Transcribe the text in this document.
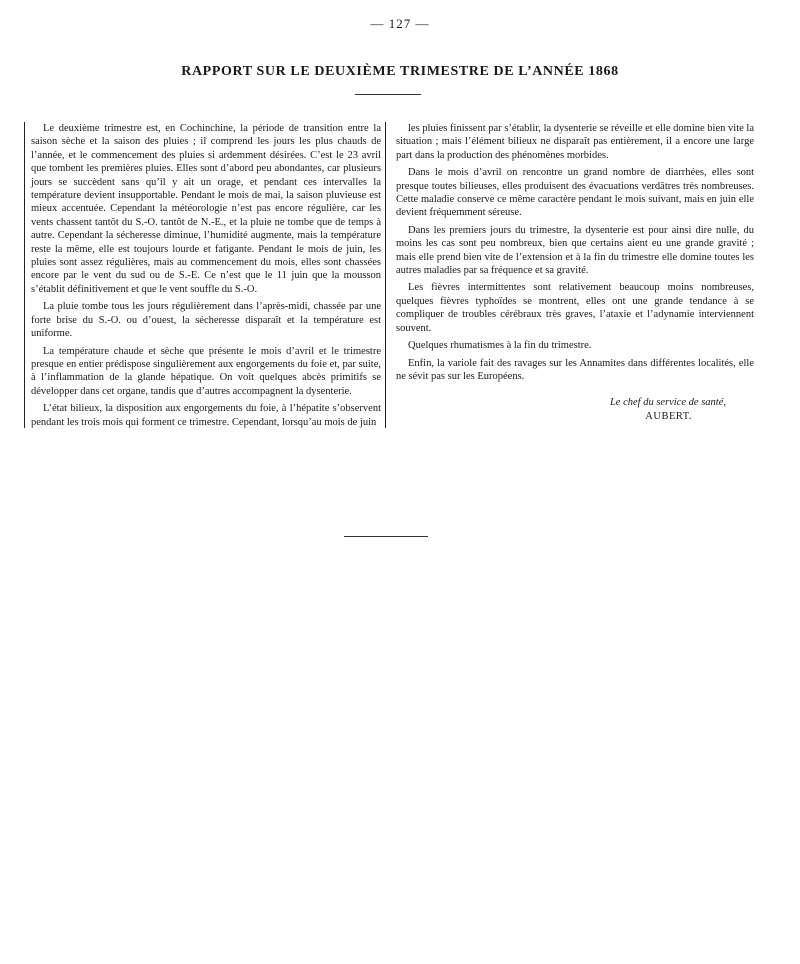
— 127 —
RAPPORT SUR LE DEUXIÈME TRIMESTRE DE L’ANNÉE 1868

Le deuxième trimestre est, en Cochinchine, la période de transition entre la saison sèche et la saison des pluies ; il comprend les jours les plus chauds de l’année, et le commencement des pluies si ardemment désirées. C’est le 23 avril que tombent les premières pluies. Elles sont d’abord peu abondantes, car plusieurs jours se succèdent sans qu’il y ait un orage, et pendant ces intervalles la température devient insupportable. Pendant le mois de mai, la saison pluvieuse est mieux accentuée. Cependant la météorologie n’est pas encore régulière, car les vents chassent tantôt du S.-O. tantôt de N.-E., et la pluie ne tombe que de temps à autre. Cependant la sécheresse diminue, l’humidité augmente, mais la température reste la même, elle est toujours lourde et fatigante. Pendant le mois de juin, les pluies sont assez régulières, mais au commencement du mois, elles sont chassées encore par le vent du sud ou de S.-E. Ce n’est que le 11 juin que la mousson s’établit définitivement et que le vent souffle du S.-O.

La pluie tombe tous les jours régulièrement dans l’après-midi, chassée par une forte brise du S.-O. ou d’ouest, la sécheresse disparaît et la température est uniforme.

La température chaude et sèche que présente le mois d’avril et le trimestre presque en entier prédispose singulièrement aux engorgements du foie et, par suite, à l’inflammation de la glande hépatique. On voit quelques abcès primitifs se développer dans cet organe, tandis que d’autres accompagnent la dysenterie.

L’état bilieux, la disposition aux engorgements du foie, à l’hépatite s’observent pendant les trois mois qui forment ce trimestre. Cependant, lorsqu’au mois de juin

les pluies finissent par s’établir, la dysenterie se réveille et elle domine bien vite la situation ; mais l’élément bilieux ne disparaît pas entièrement, il a encore une large part dans la production des phénomènes morbides.

Dans le mois d’avril on rencontre un grand nombre de diarrhées, elles sont presque toutes bilieuses, elles produisent des évacuations verdâtres très nombreuses. Cette maladie conserve ce même caractère pendant le mois suivant, mais en juin elle devient fréquemment séreuse.

Dans les premiers jours du trimestre, la dysenterie est pour ainsi dire nulle, du moins les cas sont peu nombreux, bien que certains aient eu une grande gravité ; mais elle prend bien vite de l’extension et à la fin du trimestre elle domine toutes les autres maladies par sa fréquence et sa gravité.

Les fièvres intermittentes sont relativement beaucoup moins nombreuses, quelques fièvres typhoïdes se montrent, elles ont une grande tendance à se compliquer de troubles cérébraux très graves, l’ataxie et l’adynamie interviennent souvent.

Quelques rhumatismes à la fin du trimestre.

Enfin, la variole fait des ravages sur les Annamites dans différentes localités, elle ne sévit pas sur les Européens.

Le chef du service de santé,
AUBERT.
